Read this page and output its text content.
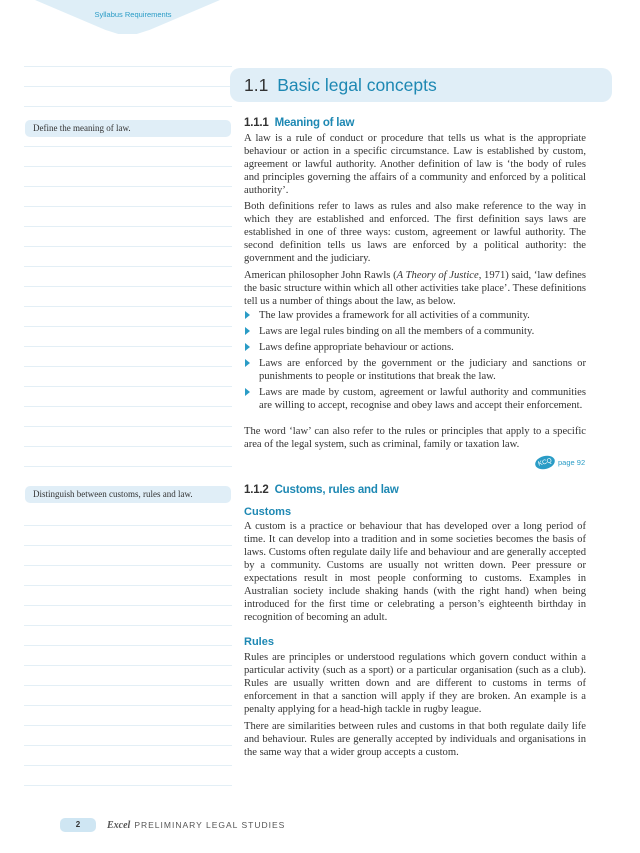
Syllabus Requirements
Define the meaning of law.
Distinguish between customs, rules and law.
1.1 Basic legal concepts
1.1.1 Meaning of law

A law is a rule of conduct or procedure that tells us what is the appropriate behaviour or action in a specific circumstance. Law is established by custom, agreement or lawful authority. Another definition of law is ‘the body of rules and principles governing the affairs of a community and enforced by a political authority’.

Both definitions refer to laws as rules and also make reference to the way in which they are established and enforced. The first definition says laws are established in one of three ways: custom, agreement or lawful authority. The second definition tells us laws are enforced by a political authority: the government and the judiciary.

American philosopher John Rawls (A Theory of Justice, 1971) said, ‘law defines the basic structure within which all other activities take place’. These definitions tell us a number of things about the law, as below.

The law provides a framework for all activities of a community.
Laws are legal rules binding on all the members of a community.
Laws define appropriate behaviour or actions.
Laws are enforced by the government or the judiciary and sanctions or punishments to people or institutions that break the law.
Laws are made by custom, agreement or lawful authority and communities are willing to accept, recognise and obey laws and accept their enforcement.

The word ‘law’ can also refer to the rules or principles that apply to a specific area of the legal system, such as criminal, family or taxation law.

KCQ page 92
1.1.2 Customs, rules and law
Customs

A custom is a practice or behaviour that has developed over a long period of time. It can develop into a tradition and in some societies becomes the basis of laws. Customs often regulate daily life and behaviour and are generally accepted by a community. Customs are usually not written down. Peer pressure or expectations result in most people conforming to customs. Examples in Australian society include shaking hands (with the right hand) when being introduced for the first time or celebrating a person’s eighteenth birthday in recognition of becoming an adult.

Rules

Rules are principles or understood regulations which govern conduct within a particular activity (such as a sport) or a particular organisation (such as a club). Rules are usually written down and are different to customs in terms of enforcement in that a sanction will apply if they are broken. An example is a penalty applying for a head-high tackle in rugby league.

There are similarities between rules and customs in that both regulate daily life and behaviour. Rules are generally accepted by individuals and organisations in the same way that a wider group accepts a custom.

2	Excel PRELIMINARY LEGAL STUDIES
